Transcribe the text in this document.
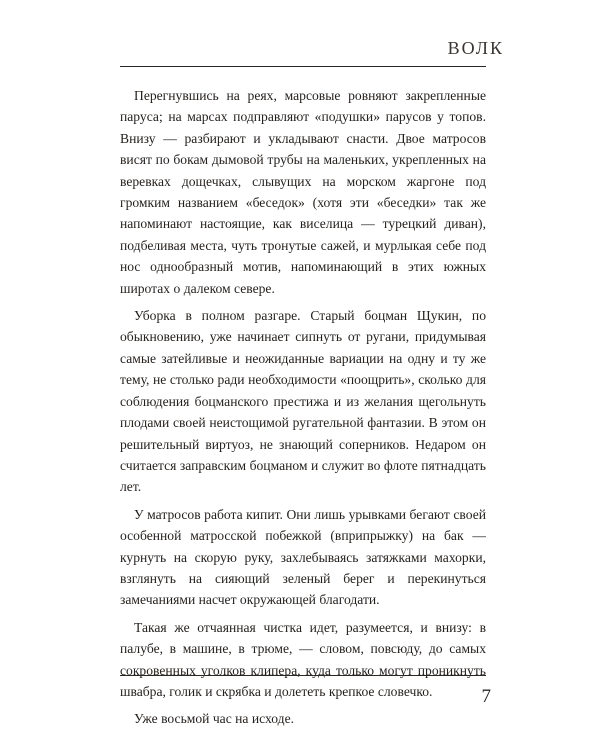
ВОЛК

Перегнувшись на реях, марсовые ровняют закрепленные паруса; на марсах подправляют «подушки» парусов у топов. Внизу — разбирают и укладывают снасти. Двое матросов висят по бокам дымовой трубы на маленьких, укрепленных на веревках дощечках, слывущих на морском жаргоне под громким названием «беседок» (хотя эти «беседки» так же напоминают настоящие, как виселица — турецкий диван), подбеливая места, чуть тронутые сажей, и мурлыкая себе под нос однообразный мотив, напоминающий в этих южных широтах о далеком севере.

Уборка в полном разгаре. Старый боцман Щукин, по обыкновению, уже начинает сипнуть от ругани, придумывая самые затейливые и неожиданные вариации на одну и ту же тему, не столько ради необходимости «поощрить», сколько для соблюдения боцманского престижа и из желания щегольнуть плодами своей неистощимой ругательной фантазии. В этом он решительный виртуоз, не знающий соперников. Недаром он считается заправским боцманом и служит во флоте пятнадцать лет.

У матросов работа кипит. Они лишь урывками бегают своей особенной матросской побежкой (вприпрыжку) на бак — курнуть на скорую руку, захлебываясь затяжками махорки, взглянуть на сияющий зеленый берег и перекинуться замечаниями насчет окружающей благодати.

Такая же отчаянная чистка идет, разумеется, и внизу: в палубе, в машине, в трюме, — словом, повсюду, до самых сокровенных уголков клипера, куда только могут проникнуть швабра, голик и скрябка и долететь крепкое словечко.

Уже восьмой час на исходе.

7
